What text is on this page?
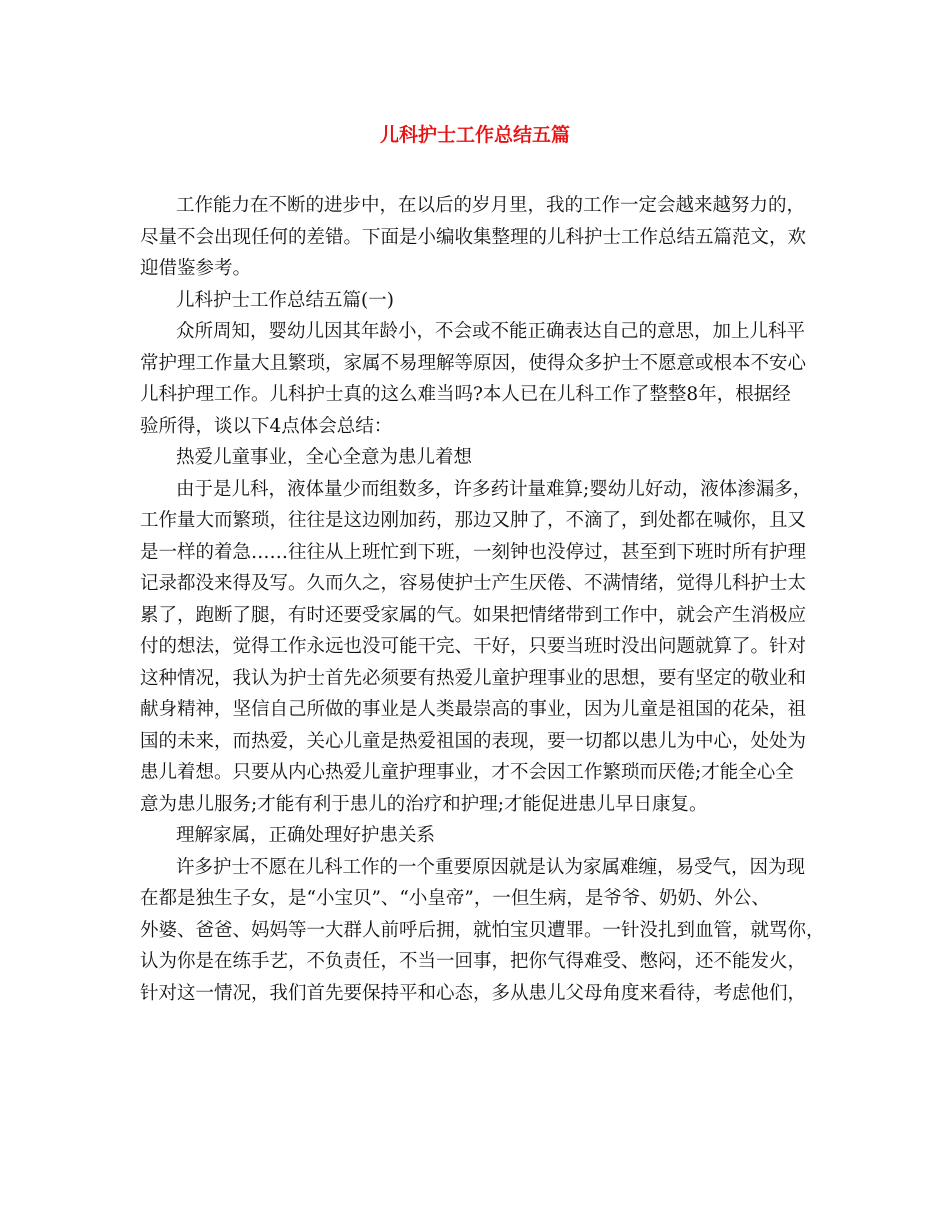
儿科护士工作总结五篇
工作能力在不断的进步中，在以后的岁月里，我的工作一定会越来越努力的，
尽量不会出现任何的差错。下面是小编收集整理的儿科护士工作总结五篇范文，欢
迎借鉴参考。
儿科护士工作总结五篇(一)
众所周知，婴幼儿因其年龄小，不会或不能正确表达自己的意思，加上儿科平
常护理工作量大且繁琐，家属不易理解等原因，使得众多护士不愿意或根本不安心
儿科护理工作。儿科护士真的这么难当吗?本人已在儿科工作了整整8年，根据经
验所得，谈以下4点体会总结：
热爱儿童事业，全心全意为患儿着想
由于是儿科，液体量少而组数多，许多药计量难算;婴幼儿好动，液体渗漏多，
工作量大而繁琐，往往是这边刚加药，那边又肿了，不滴了，到处都在喊你，且又
是一样的着急……往往从上班忙到下班，一刻钟也没停过，甚至到下班时所有护理
记录都没来得及写。久而久之，容易使护士产生厌倦、不满情绪，觉得儿科护士太
累了，跑断了腿，有时还要受家属的气。如果把情绪带到工作中，就会产生消极应
付的想法，觉得工作永远也没可能干完、干好，只要当班时没出问题就算了。针对
这种情况，我认为护士首先必须要有热爱儿童护理事业的思想，要有坚定的敬业和
献身精神，坚信自己所做的事业是人类最崇高的事业，因为儿童是祖国的花朵，祖
国的未来，而热爱，关心儿童是热爱祖国的表现，要一切都以患儿为中心，处处为
患儿着想。只要从内心热爱儿童护理事业，才不会因工作繁琐而厌倦;才能全心全
意为患儿服务;才能有利于患儿的治疗和护理;才能促进患儿早日康复。
理解家属，正确处理好护患关系
许多护士不愿在儿科工作的一个重要原因就是认为家属难缠，易受气，因为现
在都是独生子女，是“小宝贝”、“小皇帝”，一但生病，是爷爷、奶奶、外公、
外婆、爸爸、妈妈等一大群人前呼后拥，就怕宝贝遭罪。一针没扎到血管，就骂你，
认为你是在练手艺，不负责任，不当一回事，把你气得难受、憋闷，还不能发火，
针对这一情况，我们首先要保持平和心态，多从患儿父母角度来看待，考虑他们，
